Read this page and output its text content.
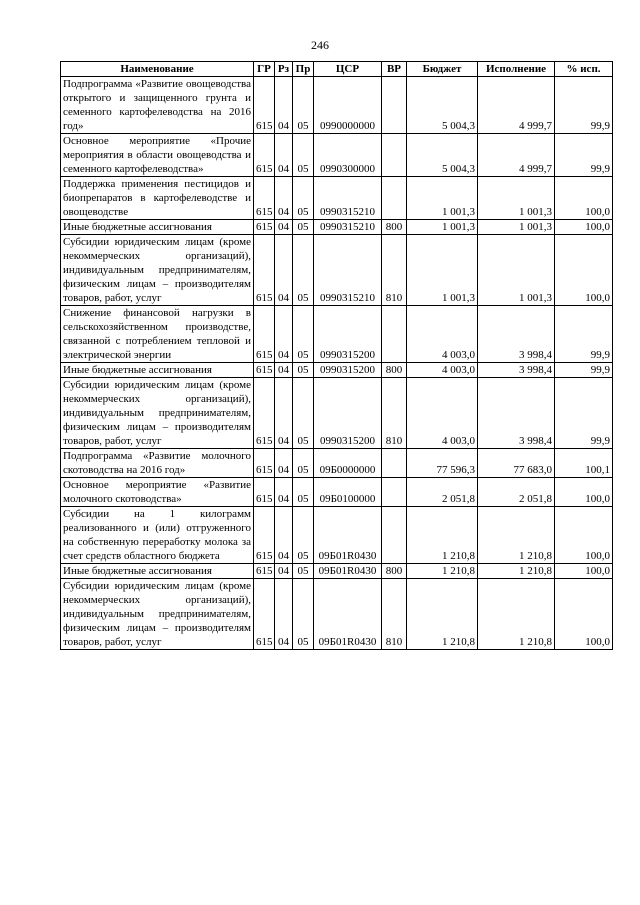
246
Наименование	ГР	Рз	Пр	ЦСР	ВР	Бюджет	Исполнение	% исп.
Подпрограмма «Развитие овощеводства открытого и защищенного грунта и семенного картофелеводства на 2016 год»	615	04	05	0990000000		5 004,3	4 999,7	99,9
Основное мероприятие «Прочие мероприятия в области овощеводства и семенного картофелеводства»	615	04	05	0990300000		5 004,3	4 999,7	99,9
Поддержка применения пестицидов и биопрепаратов в картофелеводстве и овощеводстве	615	04	05	0990315210		1 001,3	1 001,3	100,0
Иные бюджетные ассигнования	615	04	05	0990315210	800	1 001,3	1 001,3	100,0
Субсидии юридическим лицам (кроме некоммерческих организаций), индивидуальным предпринимателям, физическим лицам – производителям товаров, работ, услуг	615	04	05	0990315210	810	1 001,3	1 001,3	100,0
Снижение финансовой нагрузки в сельскохозяйственном производстве, связанной с потреблением тепловой и электрической энергии	615	04	05	0990315200		4 003,0	3 998,4	99,9
Иные бюджетные ассигнования	615	04	05	0990315200	800	4 003,0	3 998,4	99,9
Субсидии юридическим лицам (кроме некоммерческих организаций), индивидуальным предпринимателям, физическим лицам – производителям товаров, работ, услуг	615	04	05	0990315200	810	4 003,0	3 998,4	99,9
Подпрограмма «Развитие молочного скотоводства на 2016 год»	615	04	05	09Б0000000		77 596,3	77 683,0	100,1
Основное мероприятие «Развитие молочного скотоводства»	615	04	05	09Б0100000		2 051,8	2 051,8	100,0
Субсидии на 1 килограмм реализованного и (или) отгруженного на собственную переработку молока за счет средств областного бюджета	615	04	05	09Б01R0430		1 210,8	1 210,8	100,0
Иные бюджетные ассигнования	615	04	05	09Б01R0430	800	1 210,8	1 210,8	100,0
Субсидии юридическим лицам (кроме некоммерческих организаций), индивидуальным предпринимателям, физическим лицам – производителям товаров, работ, услуг	615	04	05	09Б01R0430	810	1 210,8	1 210,8	100,0
